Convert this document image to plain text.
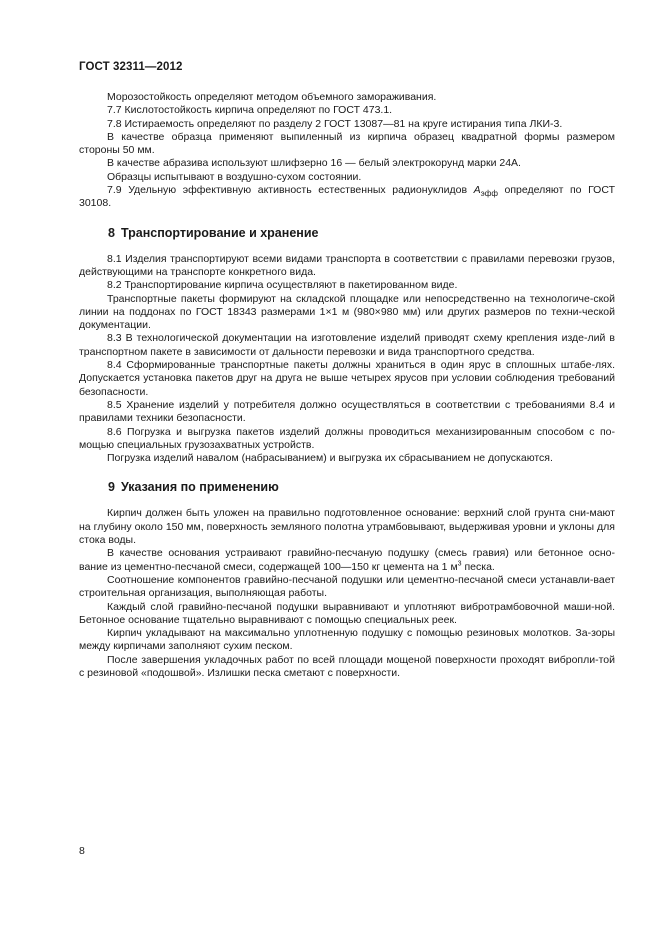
ГОСТ 32311—2012

Морозостойкость определяют методом объемного замораживания.

7.7 Кислотостойкость кирпича определяют по ГОСТ 473.1.

7.8 Истираемость определяют по разделу 2 ГОСТ 13087—81 на круге истирания типа ЛКИ-3.

В качестве образца применяют выпиленный из кирпича образец квадратной формы размером стороны 50 мм.

В качестве абразива используют шлифзерно 16 — белый электрокорунд марки 24А.

Образцы испытывают в воздушно-сухом состоянии.

7.9 Удельную эффективную активность естественных радионуклидов $A_{эфф}$ определяют по ГОСТ 30108.

8 Транспортирование и хранение

8.1 Изделия транспортируют всеми видами транспорта в соответствии с правилами перевозки грузов, действующими на транспорте конкретного вида.

8.2 Транспортирование кирпича осуществляют в пакетированном виде.

Транспортные пакеты формируют на складской площадке или непосредственно на технологиче-ской линии на поддонах по ГОСТ 18343 размерами 1×1 м (980×980 мм) или других размеров по техни-ческой документации.

8.3 В технологической документации на изготовление изделий приводят схему крепления изде-лий в транспортном пакете в зависимости от дальности перевозки и вида транспортного средства.

8.4 Сформированные транспортные пакеты должны храниться в один ярус в сплошных штабе-лях. Допускается установка пакетов друг на друга не выше четырех ярусов при условии соблюдения требований безопасности.

8.5 Хранение изделий у потребителя должно осуществляться в соответствии с требованиями 8.4 и правилами техники безопасности.

8.6 Погрузка и выгрузка пакетов изделий должны проводиться механизированным способом с по-мощью специальных грузозахватных устройств.

Погрузка изделий навалом (набрасыванием) и выгрузка их сбрасыванием не допускаются.

9 Указания по применению

Кирпич должен быть уложен на правильно подготовленное основание: верхний слой грунта сни-мают на глубину около 150 мм, поверхность земляного полотна утрамбовывают, выдерживая уровни и уклоны для стока воды.

В качестве основания устраивают гравийно-песчаную подушку (смесь гравия) или бетонное осно-вание из цементно-песчаной смеси, содержащей 100—150 кг цемента на 1 $м^3$ песка.

Соотношение компонентов гравийно-песчаной подушки или цементно-песчаной смеси устанавли-вает строительная организация, выполняющая работы.

Каждый слой гравийно-песчаной подушки выравнивают и уплотняют вибротрамбовочной маши-ной. Бетонное основание тщательно выравнивают с помощью специальных реек.

Кирпич укладывают на максимально уплотненную подушку с помощью резиновых молотков. За-зоры между кирпичами заполняют сухим песком.

После завершения укладочных работ по всей площади мощеной поверхности проходят вибропли-той с резиновой «подошвой». Излишки песка сметают с поверхности.

8
